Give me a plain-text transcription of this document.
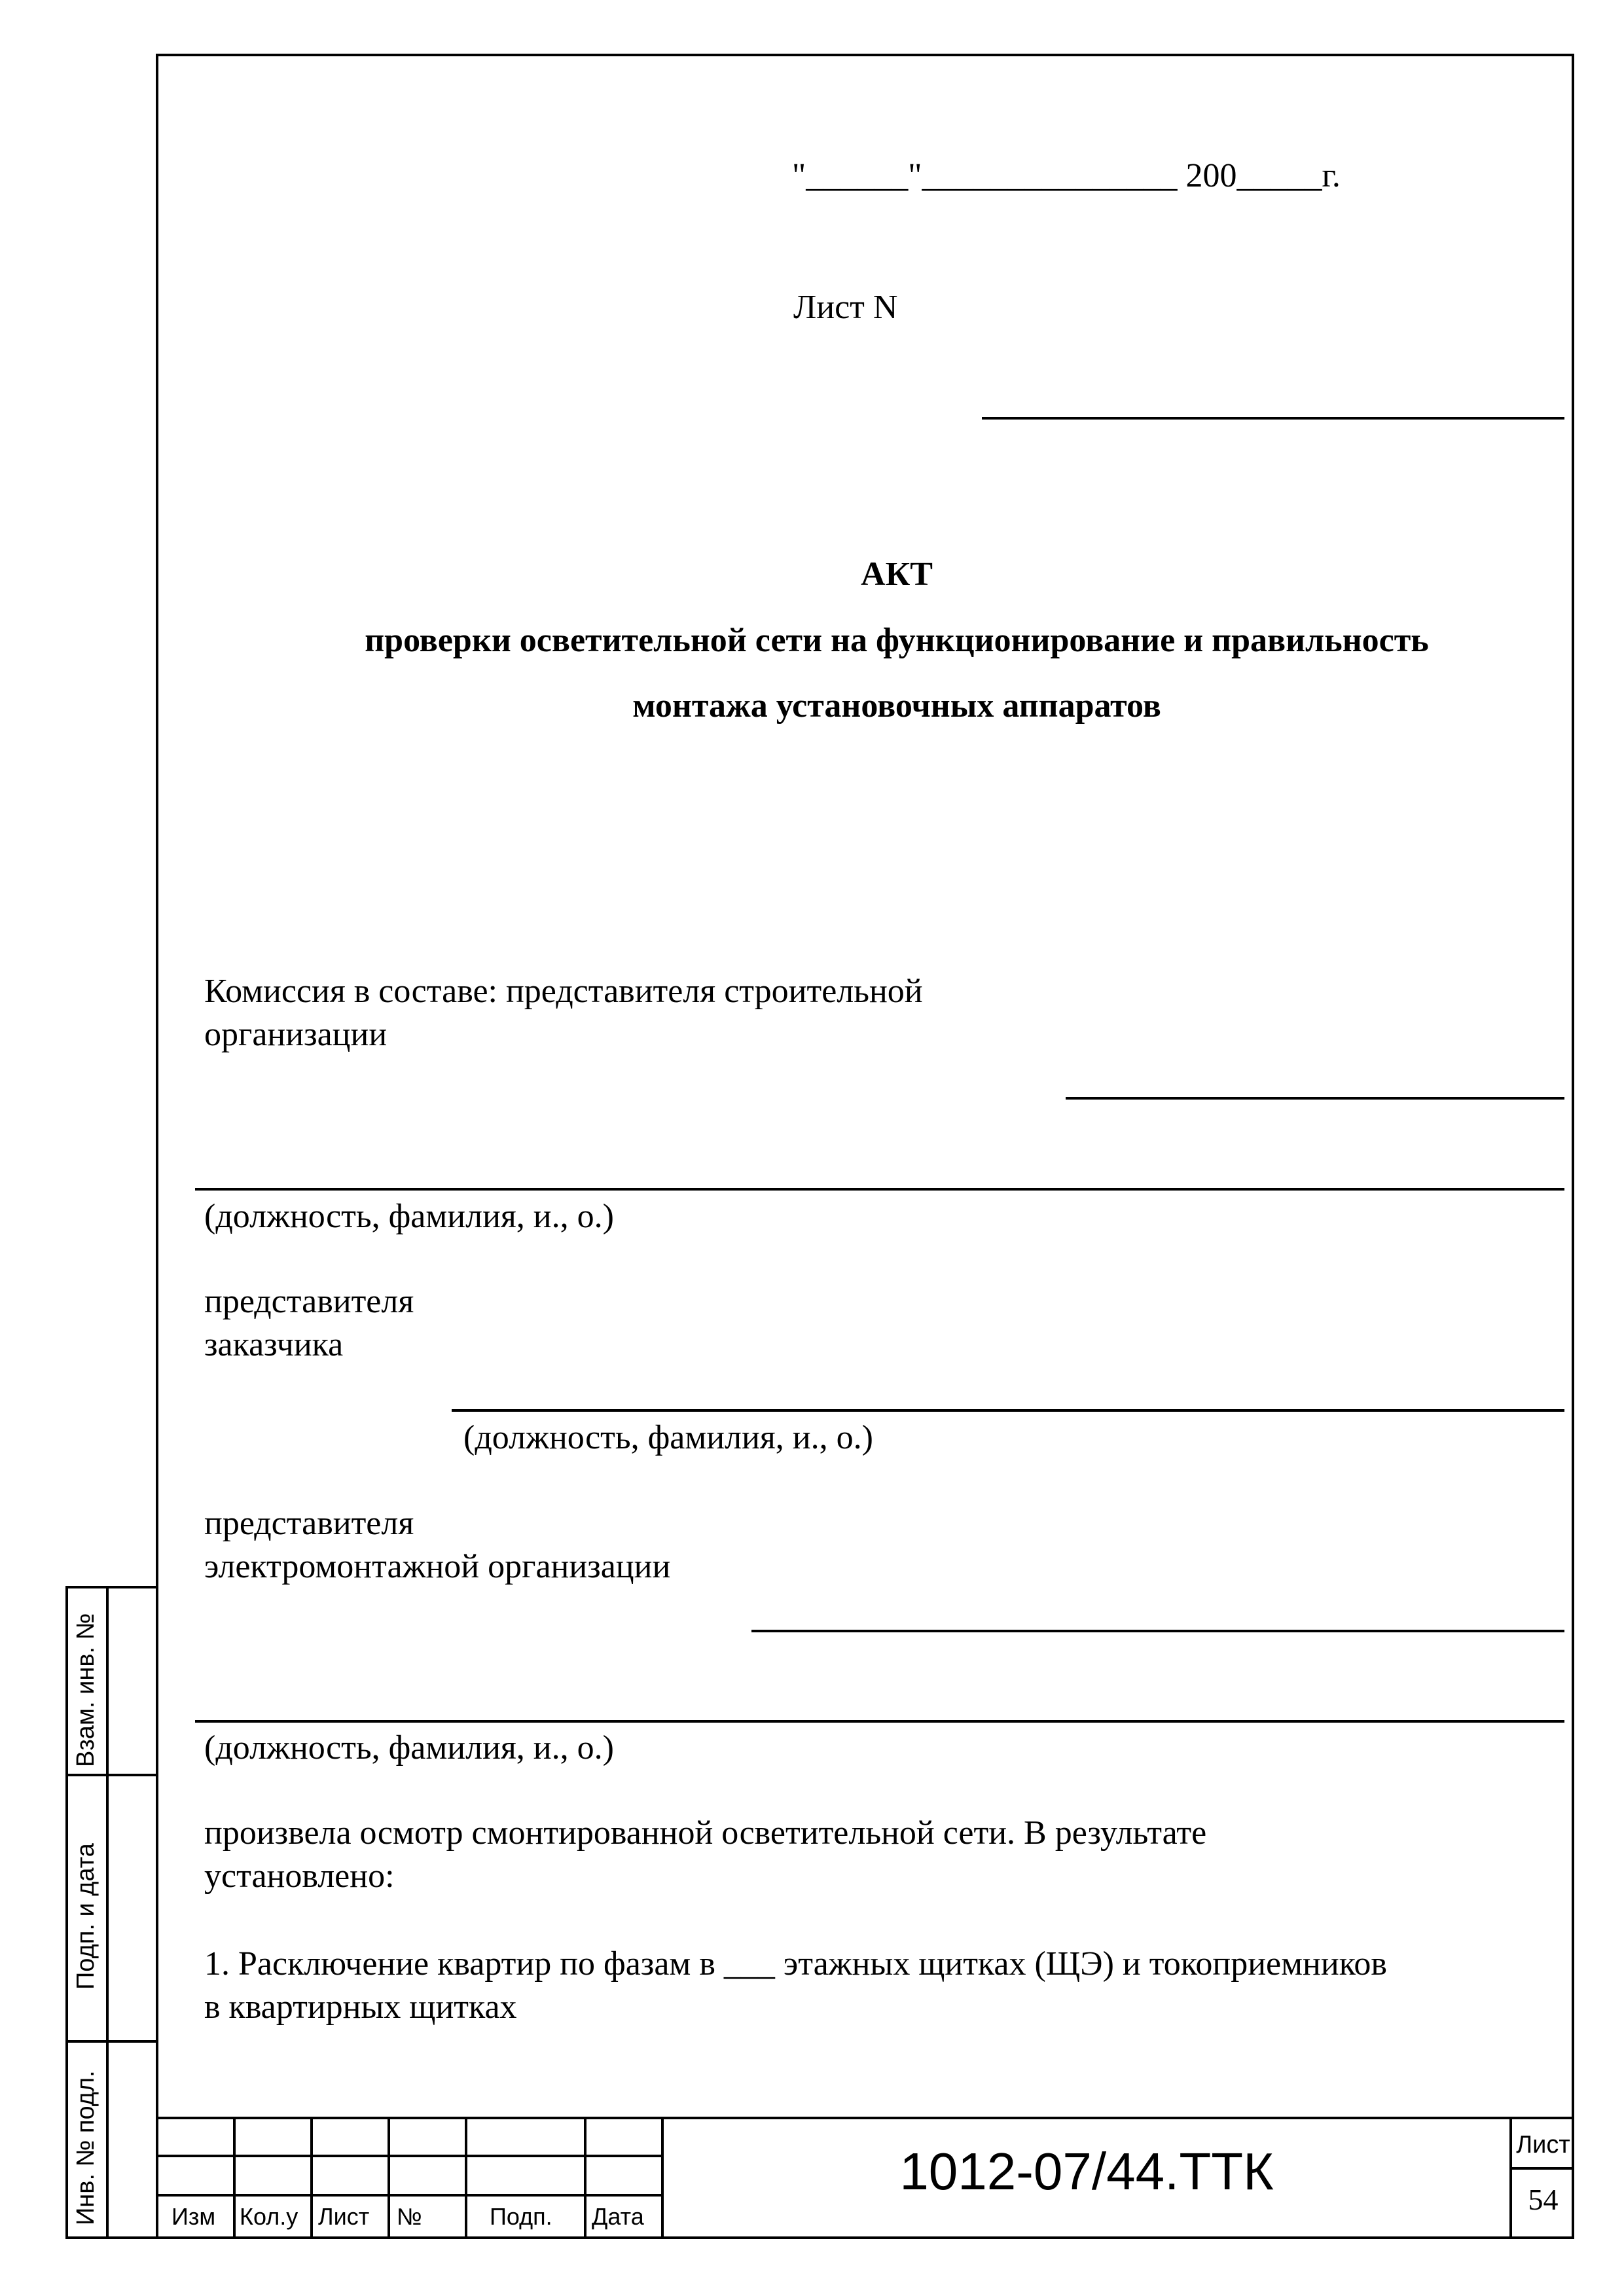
"______"_______________ 200_____г.
Лист N
АКТ
проверки осветительной сети на функционирование и правильность
монтажа установочных аппаратов
Комиссия в составе: представителя строительной
организации
(должность, фамилия, и., о.)
представителя
заказчика
(должность, фамилия, и., о.)
представителя
электромонтажной организации
(должность, фамилия, и., о.)
произвела осмотр смонтированной осветительной сети. В результате
установлено:
1. Расключение квартир по фазам в ___ этажных щитках (ЩЭ) и токоприемников
в квартирных щитках
Взам. инв. №
Подп. и дата
Инв. № подл.	Изм Кол.у Лист №	Подп. Дата
1012-07/44.ТТК	Лист
54
